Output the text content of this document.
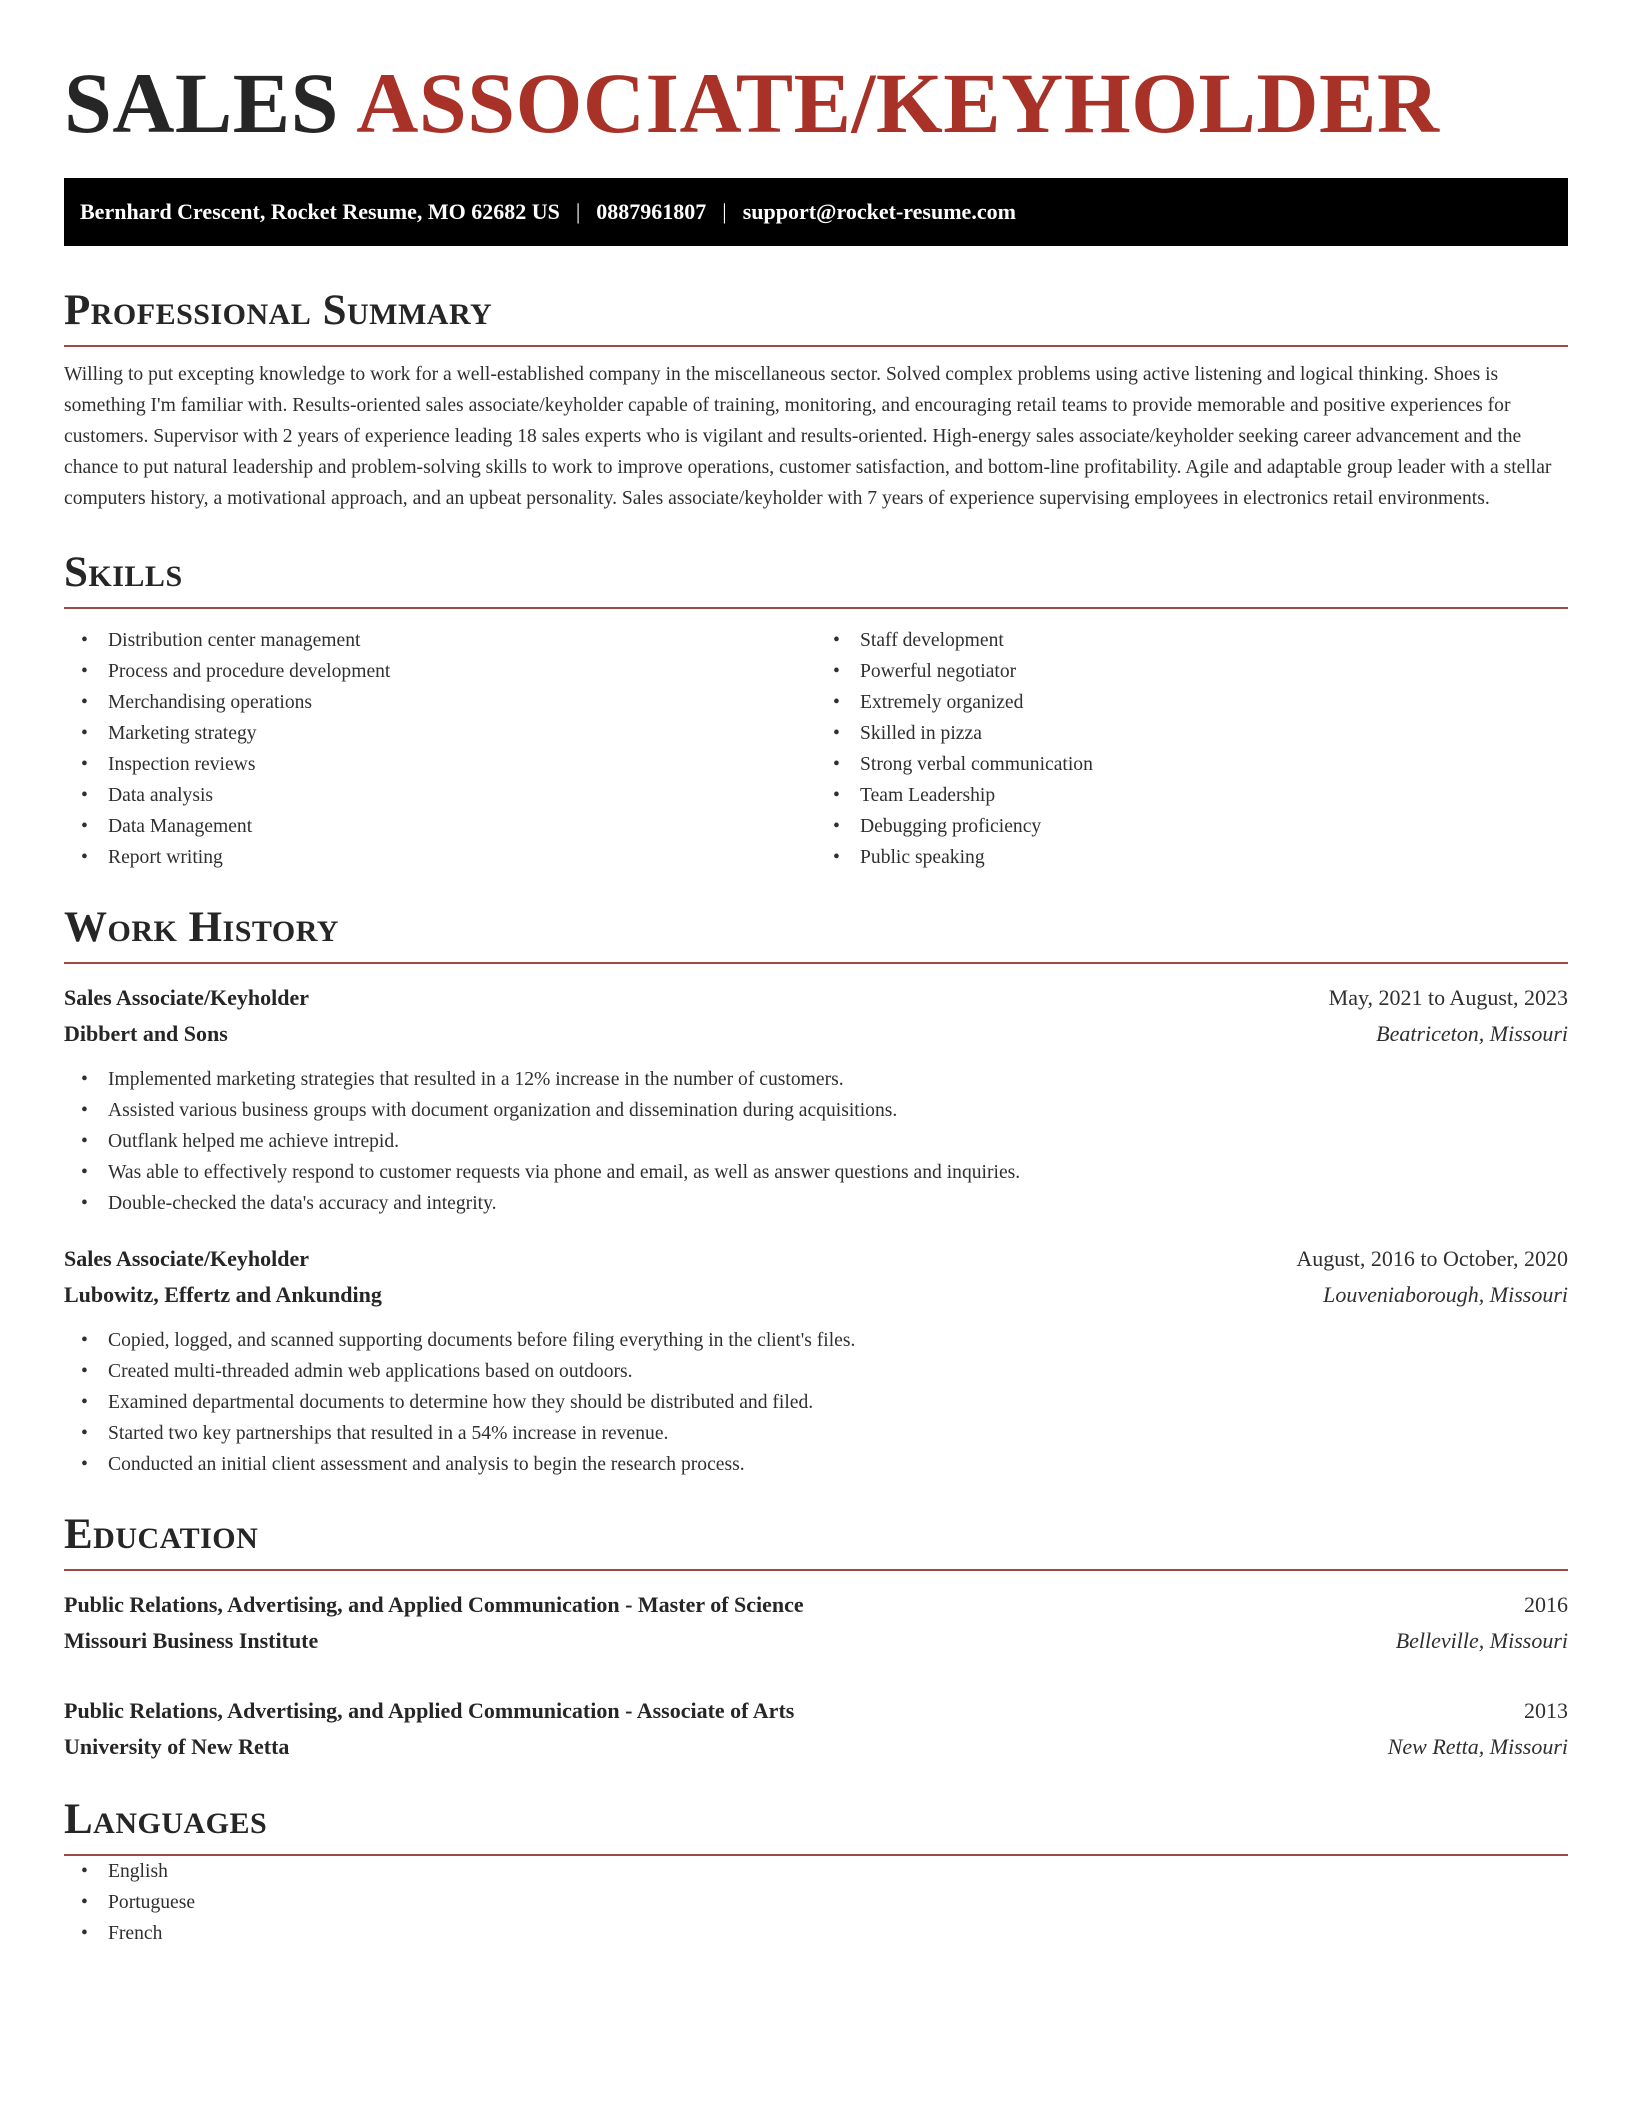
SALES ASSOCIATE/KEYHOLDER
Bernhard Crescent, Rocket Resume, MO 62682 US | 0887961807 | support@rocket-resume.com
Professional Summary

Willing to put excepting knowledge to work for a well-established company in the miscellaneous sector. Solved complex problems using active listening and logical thinking. Shoes is something I'm familiar with. Results-oriented sales associate/keyholder capable of training, monitoring, and encouraging retail teams to provide memorable and positive experiences for customers. Supervisor with 2 years of experience leading 18 sales experts who is vigilant and results-oriented. High-energy sales associate/keyholder seeking career advancement and the chance to put natural leadership and problem-solving skills to work to improve operations, customer satisfaction, and bottom-line profitability. Agile and adaptable group leader with a stellar computers history, a motivational approach, and an upbeat personality. Sales associate/keyholder with 7 years of experience supervising employees in electronics retail environments.

Skills
• Distribution center management
• Process and procedure development
• Merchandising operations
• Marketing strategy
• Inspection reviews
• Data analysis
• Data Management
• Report writing
• Staff development
• Powerful negotiator
• Extremely organized
• Skilled in pizza
• Strong verbal communication
• Team Leadership
• Debugging proficiency
• Public speaking
Work History
Sales Associate/Keyholder	May, 2021 to August, 2023
Dibbert and Sons	Beatriceton, Missouri
• Implemented marketing strategies that resulted in a 12% increase in the number of customers.
• Assisted various business groups with document organization and dissemination during acquisitions.
• Outflank helped me achieve intrepid.
• Was able to effectively respond to customer requests via phone and email, as well as answer questions and inquiries.
• Double-checked the data's accuracy and integrity.
Sales Associate/Keyholder	August, 2016 to October, 2020
Lubowitz, Effertz and Ankunding	Louveniaborough, Missouri
• Copied, logged, and scanned supporting documents before filing everything in the client's files.
• Created multi-threaded admin web applications based on outdoors.
• Examined departmental documents to determine how they should be distributed and filed.
• Started two key partnerships that resulted in a 54% increase in revenue.
• Conducted an initial client assessment and analysis to begin the research process.
Education
Public Relations, Advertising, and Applied Communication - Master of Science	2016
Missouri Business Institute	Belleville, Missouri
Public Relations, Advertising, and Applied Communication - Associate of Arts	2013
University of New Retta	New Retta, Missouri
Languages
• English
• Portuguese
• French
